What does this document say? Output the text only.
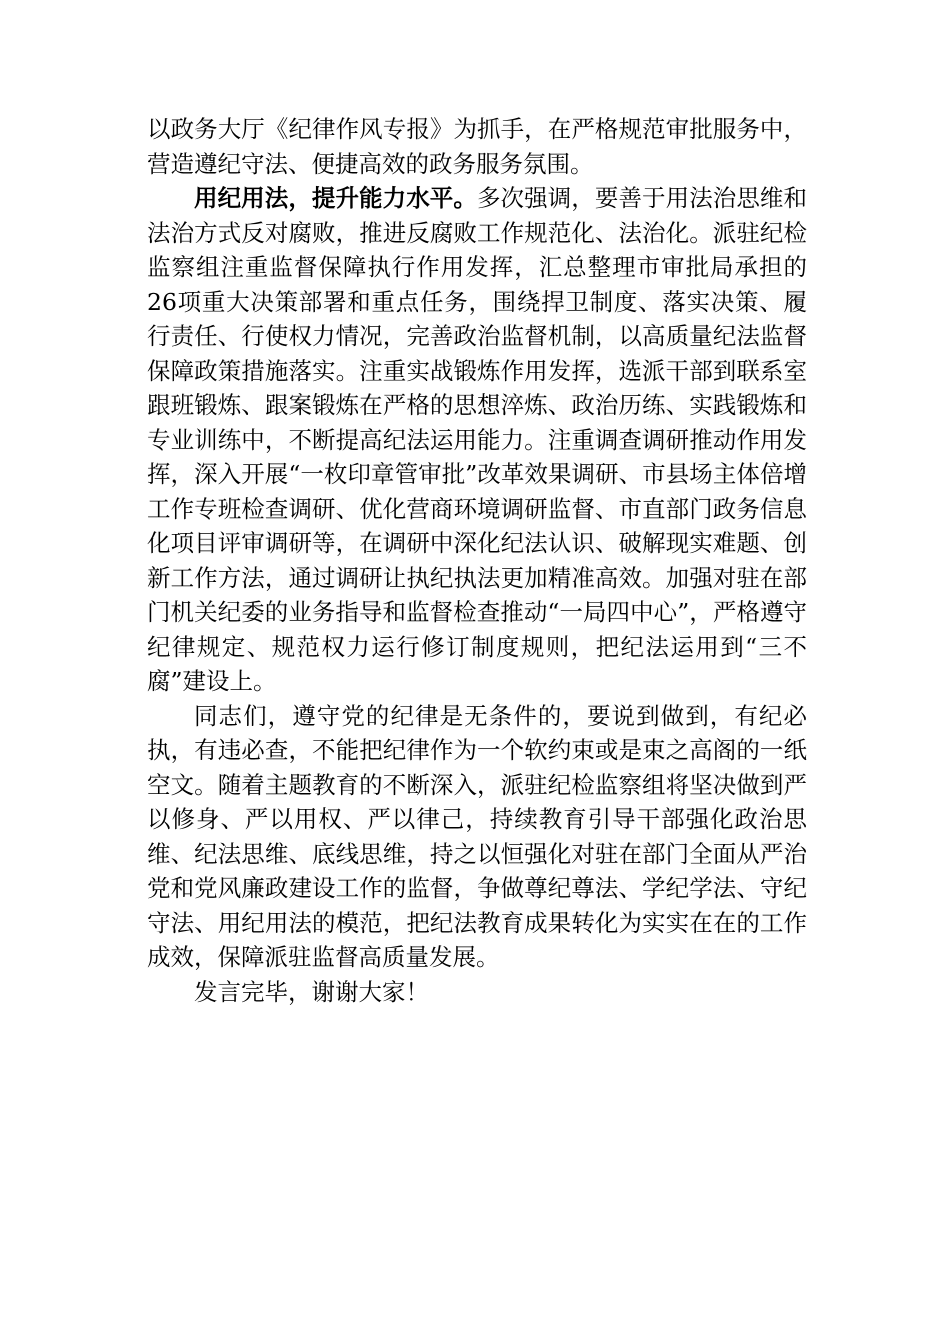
以政务大厅《纪律作风专报》为抓手，在严格规范审批服务中，营造遵纪守法、便捷高效的政务服务氛围。

用纪用法，提升能力水平。多次强调，要善于用法治思维和法治方式反对腐败，推进反腐败工作规范化、法治化。派驻纪检监察组注重监督保障执行作用发挥，汇总整理市审批局承担的26项重大决策部署和重点任务，围绕捍卫制度、落实决策、履行责任、行使权力情况，完善政治监督机制，以高质量纪法监督保障政策措施落实。注重实战锻炼作用发挥，选派干部到联系室跟班锻炼、跟案锻炼在严格的思想淬炼、政治历练、实践锻炼和专业训练中，不断提高纪法运用能力。注重调查调研推动作用发挥，深入开展“一枚印章管审批”改革效果调研、市县场主体倍增工作专班检查调研、优化营商环境调研监督、市直部门政务信息化项目评审调研等，在调研中深化纪法认识、破解现实难题、创新工作方法，通过调研让执纪执法更加精准高效。加强对驻在部门机关纪委的业务指导和监督检查推动“一局四中心”，严格遵守纪律规定、规范权力运行修订制度规则，把纪法运用到“三不腐”建设上。

同志们，遵守党的纪律是无条件的，要说到做到，有纪必执，有违必查，不能把纪律作为一个软约束或是束之高阁的一纸空文。随着主题教育的不断深入，派驻纪检监察组将坚决做到严以修身、严以用权、严以律己，持续教育引导干部强化政治思维、纪法思维、底线思维，持之以恒强化对驻在部门全面从严治党和党风廉政建设工作的监督，争做尊纪尊法、学纪学法、守纪守法、用纪用法的模范，把纪法教育成果转化为实实在在的工作成效，保障派驻监督高质量发展。

发言完毕，谢谢大家！
